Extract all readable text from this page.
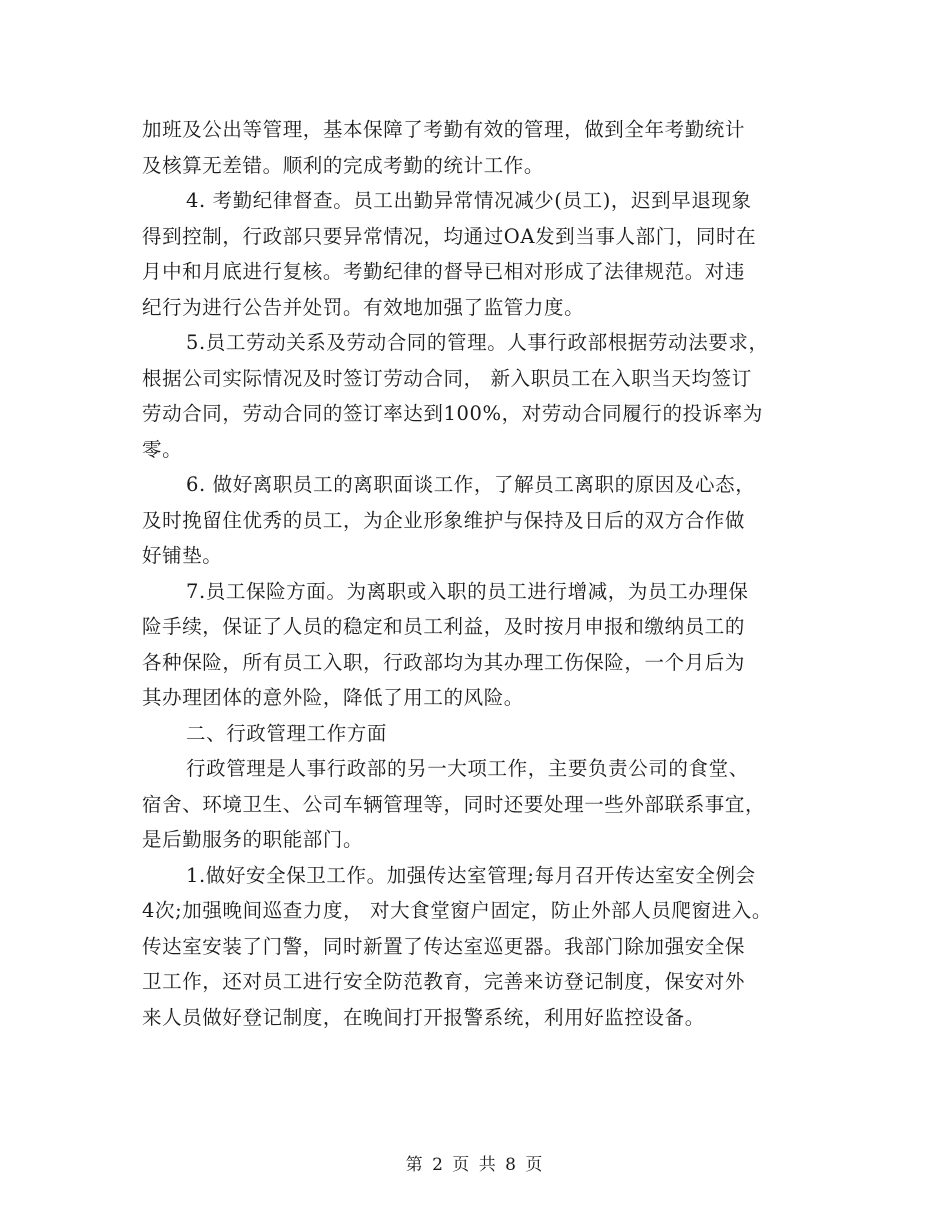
加班及公出等管理，基本保障了考勤有效的管理，做到全年考勤统计
及核算无差错。顺利的完成考勤的统计工作。
4. 考勤纪律督查。员工出勤异常情况减少(员工)，迟到早退现象
得到控制，行政部只要异常情况，均通过OA发到当事人部门，同时在
月中和月底进行复核。考勤纪律的督导已相对形成了法律规范。对违
纪行为进行公告并处罚。有效地加强了监管力度。
5.员工劳动关系及劳动合同的管理。人事行政部根据劳动法要求，
根据公司实际情况及时签订劳动合同， 新入职员工在入职当天均签订
劳动合同，劳动合同的签订率达到100%，对劳动合同履行的投诉率为
零。
6. 做好离职员工的离职面谈工作，了解员工离职的原因及心态，
及时挽留住优秀的员工，为企业形象维护与保持及日后的双方合作做
好铺垫。
7.员工保险方面。为离职或入职的员工进行增减，为员工办理保
险手续，保证了人员的稳定和员工利益，及时按月申报和缴纳员工的
各种保险，所有员工入职，行政部均为其办理工伤保险，一个月后为
其办理团体的意外险，降低了用工的风险。
二、行政管理工作方面
行政管理是人事行政部的另一大项工作，主要负责公司的食堂、
宿舍、环境卫生、公司车辆管理等，同时还要处理一些外部联系事宜，
是后勤服务的职能部门。
1.做好安全保卫工作。加强传达室管理;每月召开传达室安全例会
4次;加强晚间巡查力度， 对大食堂窗户固定，防止外部人员爬窗进入。
传达室安装了门警，同时新置了传达室巡更器。我部门除加强安全保
卫工作，还对员工进行安全防范教育，完善来访登记制度，保安对外
来人员做好登记制度，在晚间打开报警系统，利用好监控设备。
第 2 页 共 8 页
